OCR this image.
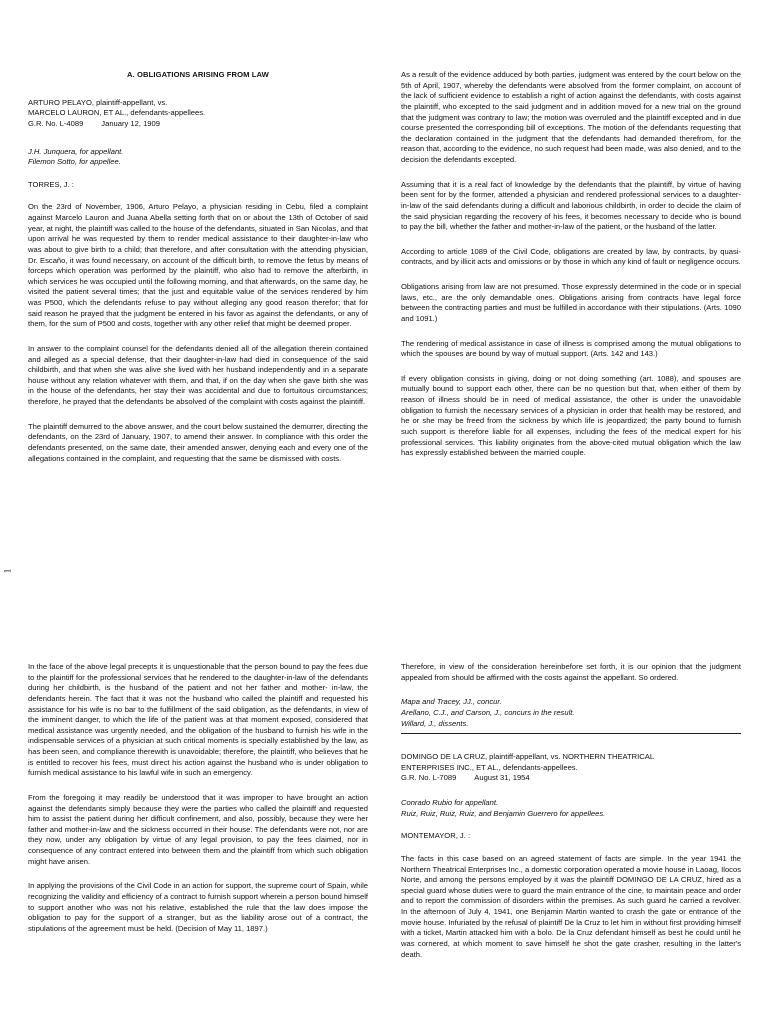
A. OBLIGATIONS ARISING FROM LAW

ARTURO PELAYO, plaintiff-appellant, vs.

MARCELO LAURON, ET AL., defendants-appellees.

G.R. No. L-4089 January 12, 1909

J.H. Junquera, for appellant.

Filemon Sotto, for appellee.

TORRES, J. :

On the 23rd of November, 1906, Arturo Pelayo, a physician residing in Cebu, filed a complaint against Marcelo Lauron and Juana Abella setting forth that on or about the 13th of October of said year, at night, the plaintiff was called to the house of the defendants, situated in San Nicolas, and that upon arrival he was requested by them to render medical assistance to their daughter-in-law who was about to give birth to a child; that therefore, and after consultation with the attending physician, Dr. Escaño, it was found necessary, on account of the difficult birth, to remove the fetus by means of forceps which operation was performed by the plaintiff, who also had to remove the afterbirth, in which services he was occupied until the following morning, and that afterwards, on the same day, he visited the patient several times; that the just and equitable value of the services rendered by him was P500, which the defendants refuse to pay without alleging any good reason therefor; that for said reason he prayed that the judgment be entered in his favor as against the defendants, or any of them, for the sum of P500 and costs, together with any other relief that might be deemed proper.

In answer to the complaint counsel for the defendants denied all of the allegation therein contained and alleged as a special defense, that their daughter-in-law had died in consequence of the said childbirth, and that when she was alive she lived with her husband independently and in a separate house without any relation whatever with them, and that, if on the day when she gave birth she was in the house of the defendants, her stay their was accidental and due to fortuitous circumstances; therefore, he prayed that the defendants be absolved of the complaint with costs against the plaintiff.

The plaintiff demurred to the above answer, and the court below sustained the demurrer, directing the defendants, on the 23rd of January, 1907, to amend their answer. In compliance with this order the defendants presented, on the same date, their amended answer, denying each and every one of the allegations contained in the complaint, and requesting that the same be dismissed with costs.

As a result of the evidence adduced by both parties, judgment was entered by the court below on the 5th of April, 1907, whereby the defendants were absolved from the former complaint, on account of the lack of sufficient evidence to establish a right of action against the defendants, with costs against the plaintiff, who excepted to the said judgment and in addition moved for a new trial on the ground that the judgment was contrary to law; the motion was overruled and the plaintiff excepted and in due course presented the corresponding bill of exceptions. The motion of the defendants requesting that the declaration contained in the judgment that the defendants had demanded therefrom, for the reason that, according to the evidence, no such request had been made, was also denied, and to the decision the defendants excepted.

Assuming that it is a real fact of knowledge by the defendants that the plaintiff, by virtue of having been sent for by the former, attended a physician and rendered professional services to a daughter-in-law of the said defendants during a difficult and laborious childbirth, in order to decide the claim of the said physician regarding the recovery of his fees, it becomes necessary to decide who is bound to pay the bill, whether the father and mother-in-law of the patient, or the husband of the latter.

According to article 1089 of the Civil Code, obligations are created by law, by contracts, by quasi-contracts, and by illicit acts and omissions or by those in which any kind of fault or negligence occurs.

Obligations arising from law are not presumed. Those expressly determined in the code or in special laws, etc., are the only demandable ones. Obligations arising from contracts have legal force between the contracting parties and must be fulfilled in accordance with their stipulations. (Arts. 1090 and 1091.)

The rendering of medical assistance in case of illness is comprised among the mutual obligations to which the spouses are bound by way of mutual support. (Arts. 142 and 143.)

If every obligation consists in giving, doing or not doing something (art. 1088), and spouses are mutually bound to support each other, there can be no question but that, when either of them by reason of illness should be in need of medical assistance, the other is under the unavoidable obligation to furnish the necessary services of a physician in order that health may be restored, and he or she may be freed from the sickness by which life is jeopardized; the party bound to furnish such support is therefore liable for all expenses, including the fees of the medical expert for his professional services. This liability originates from the above-cited mutual obligation which the law has expressly established between the married couple.

1

In the face of the above legal precepts it is unquestionable that the person bound to pay the fees due to the plaintiff for the professional services that he rendered to the daughter-in-law of the defendants during her childbirth, is the husband of the patient and not her father and mother- in-law, the defendants herein. The fact that it was not the husband who called the plaintiff and requested his assistance for his wife is no bar to the fulfillment of the said obligation, as the defendants, in view of the imminent danger, to which the life of the patient was at that moment exposed, considered that medical assistance was urgently needed, and the obligation of the husband to furnish his wife in the indispensable services of a physician at such critical moments is specially established by the law, as has been seen, and compliance therewith is unavoidable; therefore, the plaintiff, who believes that he is entitled to recover his fees, must direct his action against the husband who is under obligation to furnish medical assistance to his lawful wife in such an emergency.

From the foregoing it may readily be understood that it was improper to have brought an action against the defendants simply because they were the parties who called the plaintiff and requested him to assist the patient during her difficult confinement, and also, possibly, because they were her father and mother-in-law and the sickness occurred in their house. The defendants were not, nor are they now, under any obligation by virtue of any legal provision, to pay the fees claimed, nor in consequence of any contract entered into between them and the plaintiff from which such obligation might have arisen.

In applying the provisions of the Civil Code in an action for support, the supreme court of Spain, while recognizing the validity and efficiency of a contract to furnish support wherein a person bound himself to support another who was not his relative, established the rule that the law does impose the obligation to pay for the support of a stranger, but as the liability arose out of a contract, the stipulations of the agreement must be held. (Decision of May 11, 1897.)

Therefore, in view of the consideration hereinbefore set forth, it is our opinion that the judgment appealed from should be affirmed with the costs against the appellant. So ordered.

Mapa and Tracey, JJ., concur.

Arellano, C.J., and Carson, J., concurs in the result.

Willard, J., dissents.

DOMINGO DE LA CRUZ, plaintiff-appellant, vs. NORTHERN THEATRICAL

ENTERPRISES INC., ET AL., defendants-appellees.

G.R. No. L-7089 August 31, 1954

Conrado Rubio for appellant.

Ruiz, Ruiz, Ruiz, Ruiz, and Benjamin Guerrero for appellees.

MONTEMAYOR, J. :

The facts in this case based on an agreed statement of facts are simple. In the year 1941 the Northern Theatrical Enterprises Inc., a domestic corporation operated a movie house in Laoag, Ilocos Norte, and among the persons employed by it was the plaintiff DOMINGO DE LA CRUZ, hired as a special guard whose duties were to guard the main entrance of the cine, to maintain peace and order and to report the commission of disorders within the premises. As such guard he carried a revolver. In the afternoon of July 4, 1941, one Benjamin Martin wanted to crash the gate or entrance of the movie house. Infuriated by the refusal of plaintiff De la Cruz to let him in without first providing himself with a ticket, Martin attacked him with a bolo. De la Cruz defendant himself as best he could until he was cornered, at which moment to save himself he shot the gate crasher, resulting in the latter's death.
